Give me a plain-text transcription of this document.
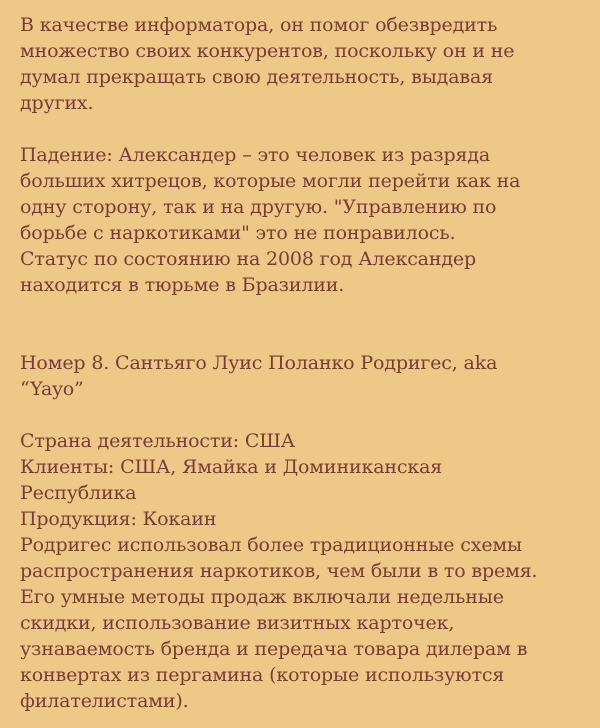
В качестве информатора, он помог обезвредить
множество своих конкурентов, поскольку он и не
думал прекращать свою деятельность, выдавая
других.

Падение: Александер – это человек из разряда
больших хитрецов, которые могли перейти как на
одну сторону, так и на другую. "Управлению по
борьбе с наркотиками" это не понравилось.
Статус по состоянию на 2008 год Александер
находится в тюрьме в Бразилии.

Номер 8. Сантьяго Луис Поланко Родригес, aka
“Yayo”

Страна деятельности: США

Клиенты: США, Ямайка и Доминиканская
Республика

Продукция: Кокаин

Родригес использовал более традиционные схемы
распространения наркотиков, чем были в то время.
Его умные методы продаж включали недельные
скидки, использование визитных карточек,
узнаваемость бренда и передача товара дилерам в
конвертах из пергамина (которые используются
филателистами).
